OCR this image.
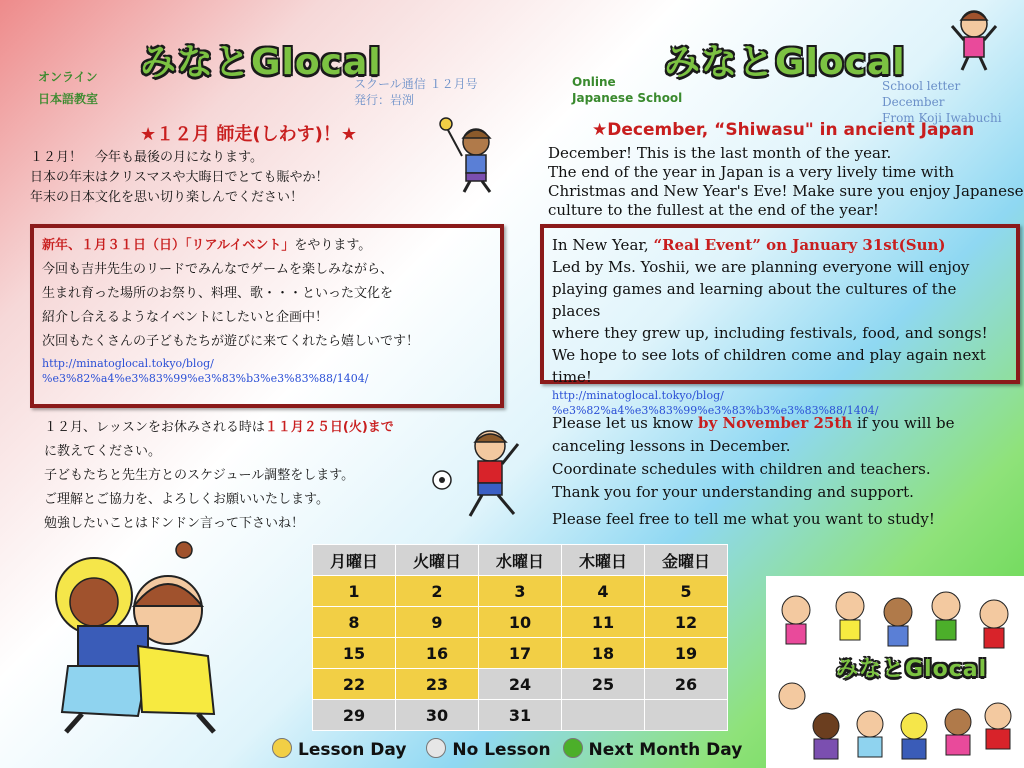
みなとGlocal
オンライン
日本語教室
スクール通信 １２月号
発行：岩渕
みなとGlocal
Online
Japanese School
School letter December
From Koji Iwabuchi
みなとGlocal
★１２月 師走(しわす)！★
１２月！　今年も最後の月になります。
日本の年末はクリスマスや大晦日でとても賑やか！
年末の日本文化を思い切り楽しんでください！
新年、１月３１日（日）「リアルイベント」をやります。
今回も吉井先生のリードでみんなでゲームを楽しみながら、
生まれ育った場所のお祭り、料理、歌・・・といった文化を
紹介し合えるようなイベントにしたいと企画中！
次回もたくさんの子どもたちが遊びに来てくれたら嬉しいです！
http://minatoglocal.tokyo/blog/
%e3%82%a4%e3%83%99%e3%83%b3%e3%83%88/1404/
１２月、レッスンをお休みされる時は１１月２５日(火)まで
に教えてください。
子どもたちと先生方とのスケジュール調整をします。
ご理解とご協力を、よろしくお願いいたします。
勉強したいことはドンドン言って下さいね！
★December, “Shiwasu" in ancient Japan
December! This is the last month of the year.
The end of the year in Japan is a very lively time with
Christmas and New Year's Eve! Make sure you enjoy Japanese
culture to the fullest at the end of the year!
In New Year, “Real Event” on January 31st(Sun)
Led by Ms. Yoshii, we are planning everyone will enjoy
playing games and learning about the cultures of the places
where they grew up, including festivals, food, and songs!
We hope to see lots of children come and play again next time!
http://minatoglocal.tokyo/blog/
%e3%82%a4%e3%83%99%e3%83%b3%e3%83%88/1404/
Please let us know by November 25th if you will be
canceling lessons in December.
Coordinate schedules with children and teachers.
Thank you for your understanding and support.
Please feel free to tell me what you want to study!
月曜日	火曜日	水曜日	木曜日	金曜日
1	2	3	4	5
8	9	10	11	12
15	16	17	18	19
22	23	24	25	26
29	30	31		
Lesson Day	No Lesson Next Month Day
